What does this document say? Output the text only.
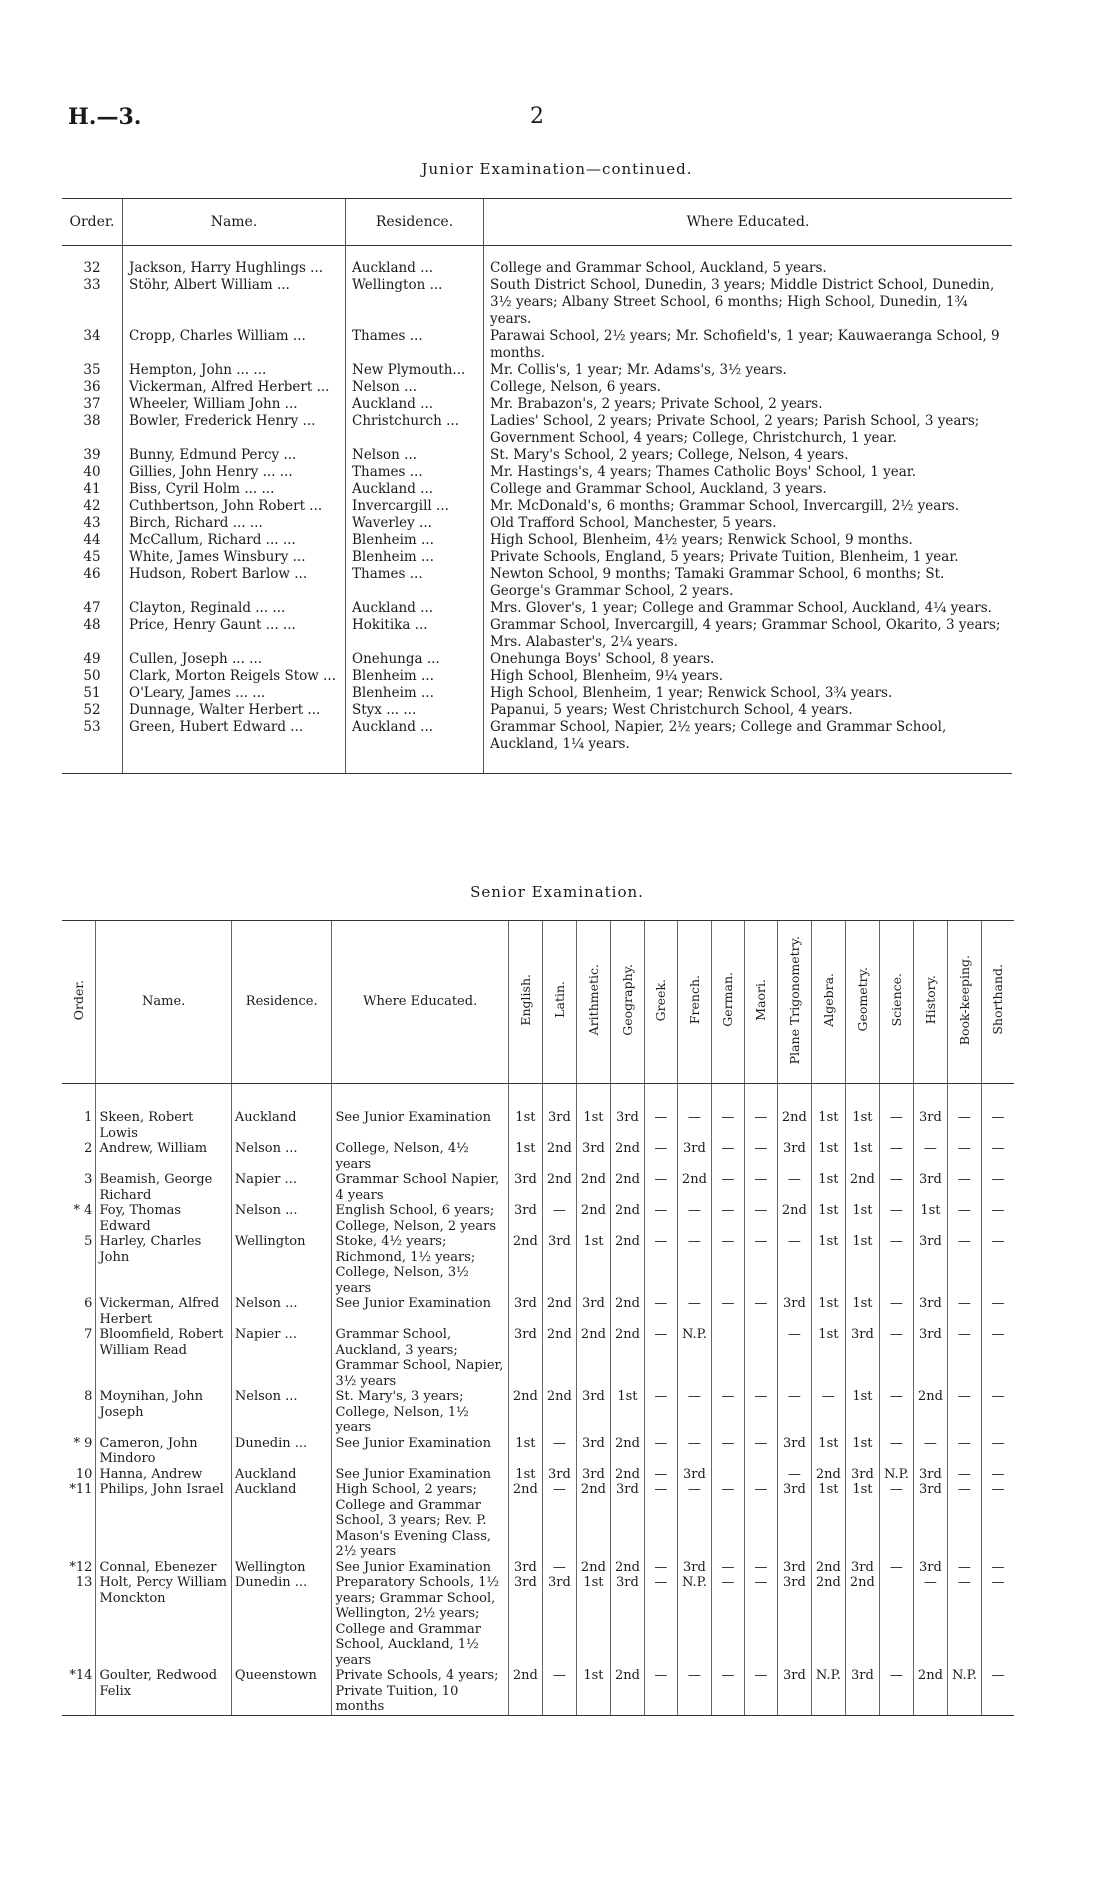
H.—3.	2
Junior Examination—continued.
Order.	Name.	Residence.	Where Educated.

32	Jackson, Harry Hughlings ...	Auckland ...	College and Grammar School, Auckland, 5 years.
33	Stöhr, Albert William ...	Wellington ...	South District School, Dunedin, 3 years; Middle District School, Dunedin, 3½ years; Albany Street School, 6 months; High School, Dunedin, 1¾ years.
34	Cropp, Charles William ...	Thames ...	Parawai School, 2½ years; Mr. Schofield's, 1 year; Kauwaeranga School, 9 months.
35	Hempton, John ... ...	New Plymouth...	Mr. Collis's, 1 year; Mr. Adams's, 3½ years.
36	Vickerman, Alfred Herbert ...	Nelson ...	College, Nelson, 6 years.
37	Wheeler, William John ...	Auckland ...	Mr. Brabazon's, 2 years; Private School, 2 years.
38	Bowler, Frederick Henry ...	Christchurch ...	Ladies' School, 2 years; Private School, 2 years; Parish School, 3 years; Government School, 4 years; College, Christchurch, 1 year.
39	Bunny, Edmund Percy ...	Nelson ...	St. Mary's School, 2 years; College, Nelson, 4 years.
40	Gillies, John Henry ... ...	Thames ...	Mr. Hastings's, 4 years; Thames Catholic Boys' School, 1 year.
41	Biss, Cyril Holm ... ...	Auckland ...	College and Grammar School, Auckland, 3 years.
42	Cuthbertson, John Robert ...	Invercargill ...	Mr. McDonald's, 6 months; Grammar School, Invercargill, 2½ years.
43	Birch, Richard ... ...	Waverley ...	Old Trafford School, Manchester, 5 years.
44	McCallum, Richard ... ...	Blenheim ...	High School, Blenheim, 4½ years; Renwick School, 9 months.
45	White, James Winsbury ...	Blenheim ...	Private Schools, England, 5 years; Private Tuition, Blenheim, 1 year.
46	Hudson, Robert Barlow ...	Thames ...	Newton School, 9 months; Tamaki Grammar School, 6 months; St. George's Grammar School, 2 years.
47	Clayton, Reginald ... ...	Auckland ...	Mrs. Glover's, 1 year; College and Grammar School, Auckland, 4¼ years.
48	Price, Henry Gaunt ... ...	Hokitika ...	Grammar School, Invercargill, 4 years; Grammar School, Okarito, 3 years; Mrs. Alabaster's, 2¼ years.
49	Cullen, Joseph ... ...	Onehunga ...	Onehunga Boys' School, 8 years.
50	Clark, Morton Reigels Stow ...	Blenheim ...	High School, Blenheim, 9¼ years.
51	O'Leary, James ... ...	Blenheim ...	High School, Blenheim, 1 year; Renwick School, 3¾ years.
52	Dunnage, Walter Herbert ...	Styx ... ...	Papanui, 5 years; West Christchurch School, 4 years.
53	Green, Hubert Edward ...	Auckland ...	Grammar School, Napier, 2½ years; College and Grammar School, Auckland, 1¼ years.

Senior Examination.
Order.	Name.	Residence.	Where Educated.	English.	Latin.	Arithmetic.	Geography.	Greek.	French.	German.	Maori.	Plane Trigonometry.	Algebra.	Geometry.	Science.	History.	Book-keeping.	Shorthand.

1	Skeen, Robert Lowis	Auckland	See Junior Examination	1st	3rd	1st	3rd	—	—	—	—	2nd	1st	1st	—	3rd	—	—
2	Andrew, William	Nelson ...	College, Nelson, 4½ years	1st	2nd	3rd	2nd	—	3rd	—	—	3rd	1st	1st	—	—	—	—
3	Beamish, George Richard	Napier ...	Grammar School Napier, 4 years	3rd	2nd	2nd	2nd	—	2nd	—	—	—	1st	2nd	—	3rd	—	—
* 4	Foy, Thomas Edward	Nelson ...	English School, 6 years; College, Nelson, 2 years	3rd	—	2nd	2nd	—	—	—	—	2nd	1st	1st	—	1st	—	—
5	Harley, Charles John	Wellington	Stoke, 4½ years; Richmond, 1½ years; College, Nelson, 3½ years	2nd	3rd	1st	2nd	—	—	—	—	—	1st	1st	—	3rd	—	—
6	Vickerman, Alfred Herbert	Nelson ...	See Junior Examination	3rd	2nd	3rd	2nd	—	—	—	—	3rd	1st	1st	—	3rd	—	—
7	Bloomfield, Robert William Read	Napier ...	Grammar School, Auckland, 3 years; Grammar School, Napier, 3½ years	3rd	2nd	2nd	2nd	—	N.P.			—	1st	3rd	—	3rd	—	—
8	Moynihan, John Joseph	Nelson ...	St. Mary's, 3 years; College, Nelson, 1½ years	2nd	2nd	3rd	1st	—	—	—	—	—	—	1st	—	2nd	—	—
* 9	Cameron, John Mindoro	Dunedin ...	See Junior Examination	1st	—	3rd	2nd	—	—	—	—	3rd	1st	1st	—	—	—	—
10	Hanna, Andrew	Auckland	See Junior Examination	1st	3rd	3rd	2nd	—	3rd			—	2nd	3rd	N.P.	3rd	—	—
*11	Philips, John Israel	Auckland	High School, 2 years; College and Grammar School, 3 years; Rev. P. Mason's Evening Class, 2½ years	2nd	—	2nd	3rd	—	—	—	—	3rd	1st	1st	—	3rd	—	—
*12	Connal, Ebenezer	Wellington	See Junior Examination	3rd	—	2nd	2nd	—	3rd	—	—	3rd	2nd	3rd	—	3rd	—	—
13	Holt, Percy William Monckton	Dunedin ...	Preparatory Schools, 1½ years; Grammar School, Wellington, 2½ years; College and Grammar School, Auckland, 1½ years	3rd	3rd	1st	3rd	—	N.P.	—	—	3rd	2nd	2nd		—	—	—
*14	Goulter, Redwood Felix	Queenstown	Private Schools, 4 years; Private Tuition, 10 months	2nd	—	1st	2nd	—	—	—	—	3rd	N.P.	3rd	—	2nd	N.P.	—
